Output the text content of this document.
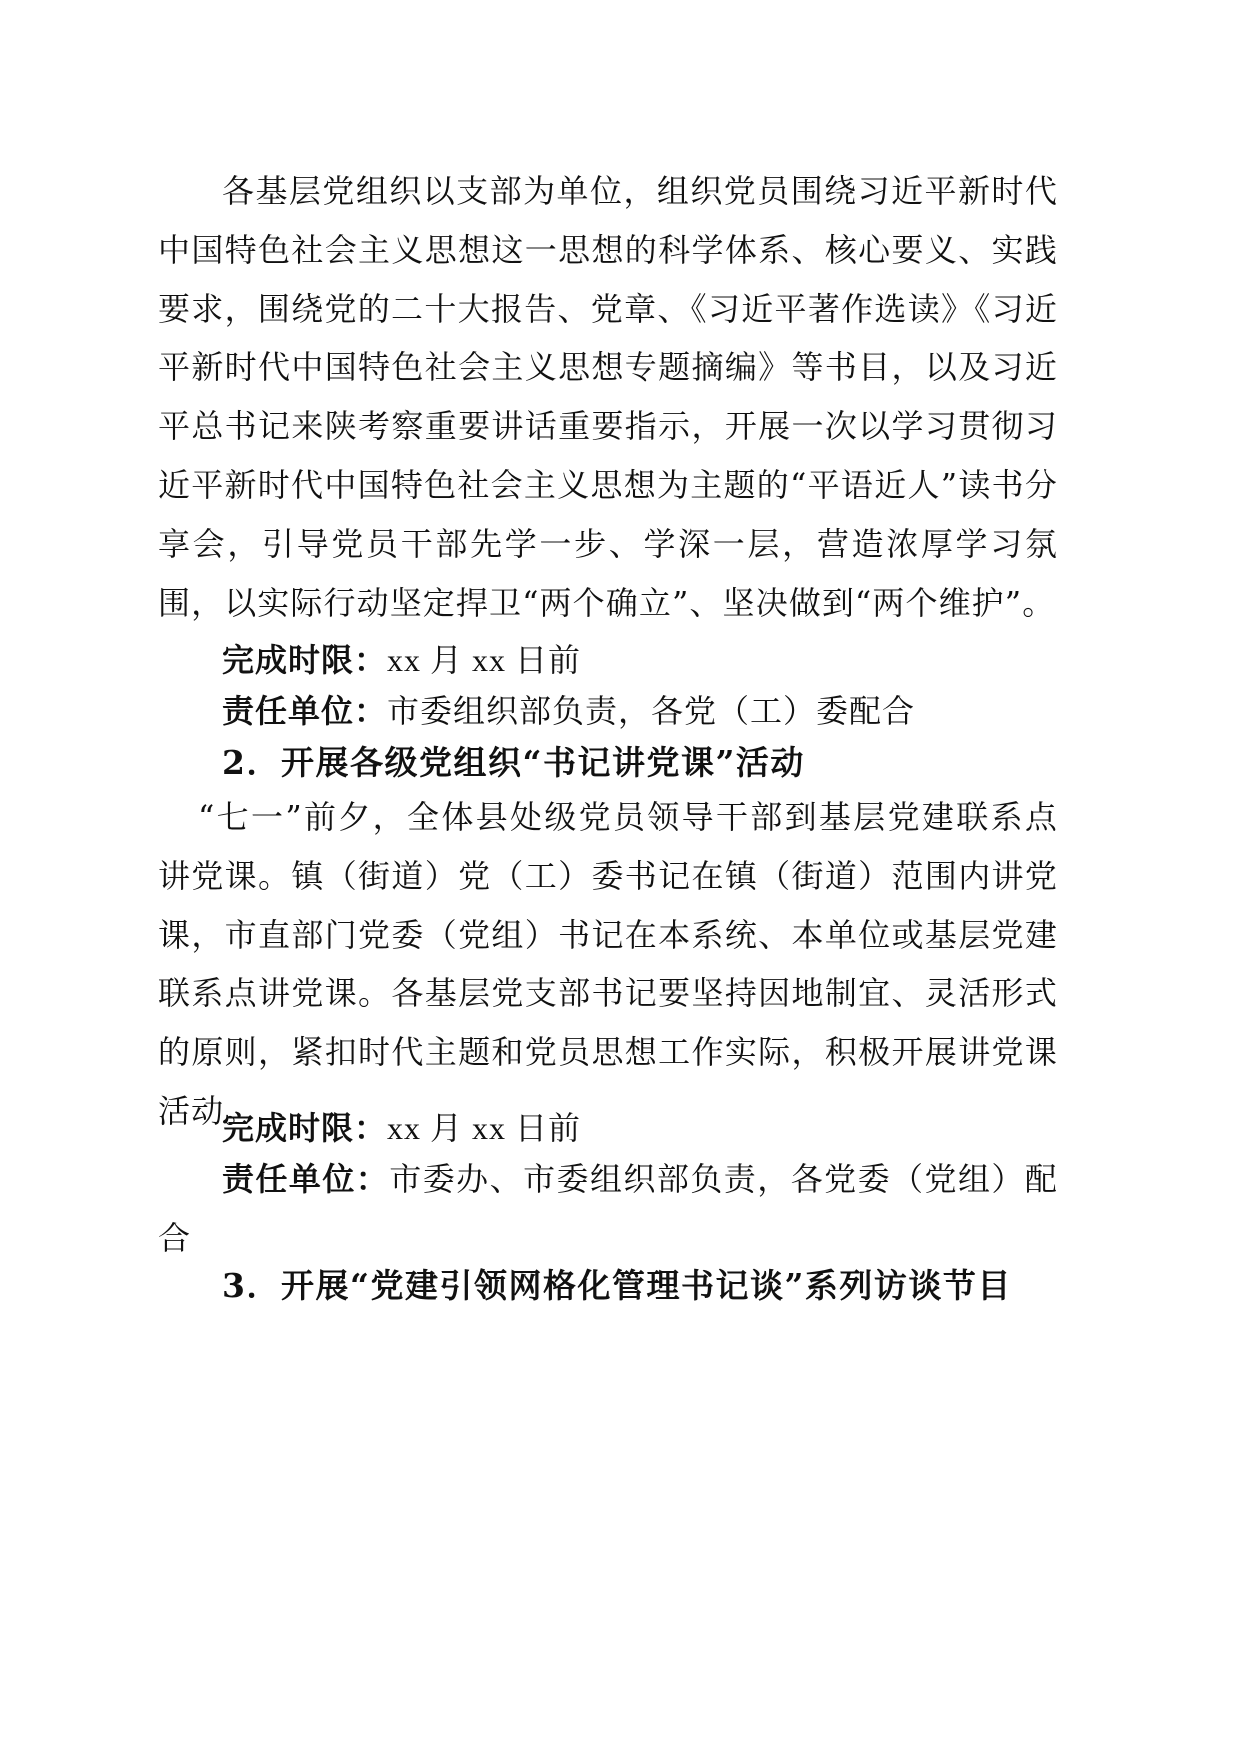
各基层党组织以支部为单位，组织党员围绕习近平新时代中国特色社会主义思想这一思想的科学体系、核心要义、实践要求，围绕党的二十大报告、党章、《习近平著作选读》《习近平新时代中国特色社会主义思想专题摘编》等书目，以及习近平总书记来陕考察重要讲话重要指示，开展一次以学习贯彻习近平新时代中国特色社会主义思想为主题的“平语近人”读书分享会，引导党员干部先学一步、学深一层，营造浓厚学习氛围，以实际行动坚定捍卫“两个确立”、坚决做到“两个维护”。

完成时限：xx 月 xx 日前

责任单位：市委组织部负责，各党（工）委配合

2．开展各级党组织“书记讲党课”活动

“七一”前夕，全体县处级党员领导干部到基层党建联系点讲党课。镇（街道）党（工）委书记在镇（街道）范围内讲党课，市直部门党委（党组）书记在本系统、本单位或基层党建联系点讲党课。各基层党支部书记要坚持因地制宜、灵活形式的原则，紧扣时代主题和党员思想工作实际，积极开展讲党课活动。

完成时限：xx 月 xx 日前

责任单位：市委办、市委组织部负责，各党委（党组）配合

3．开展“党建引领网格化管理书记谈”系列访谈节目
